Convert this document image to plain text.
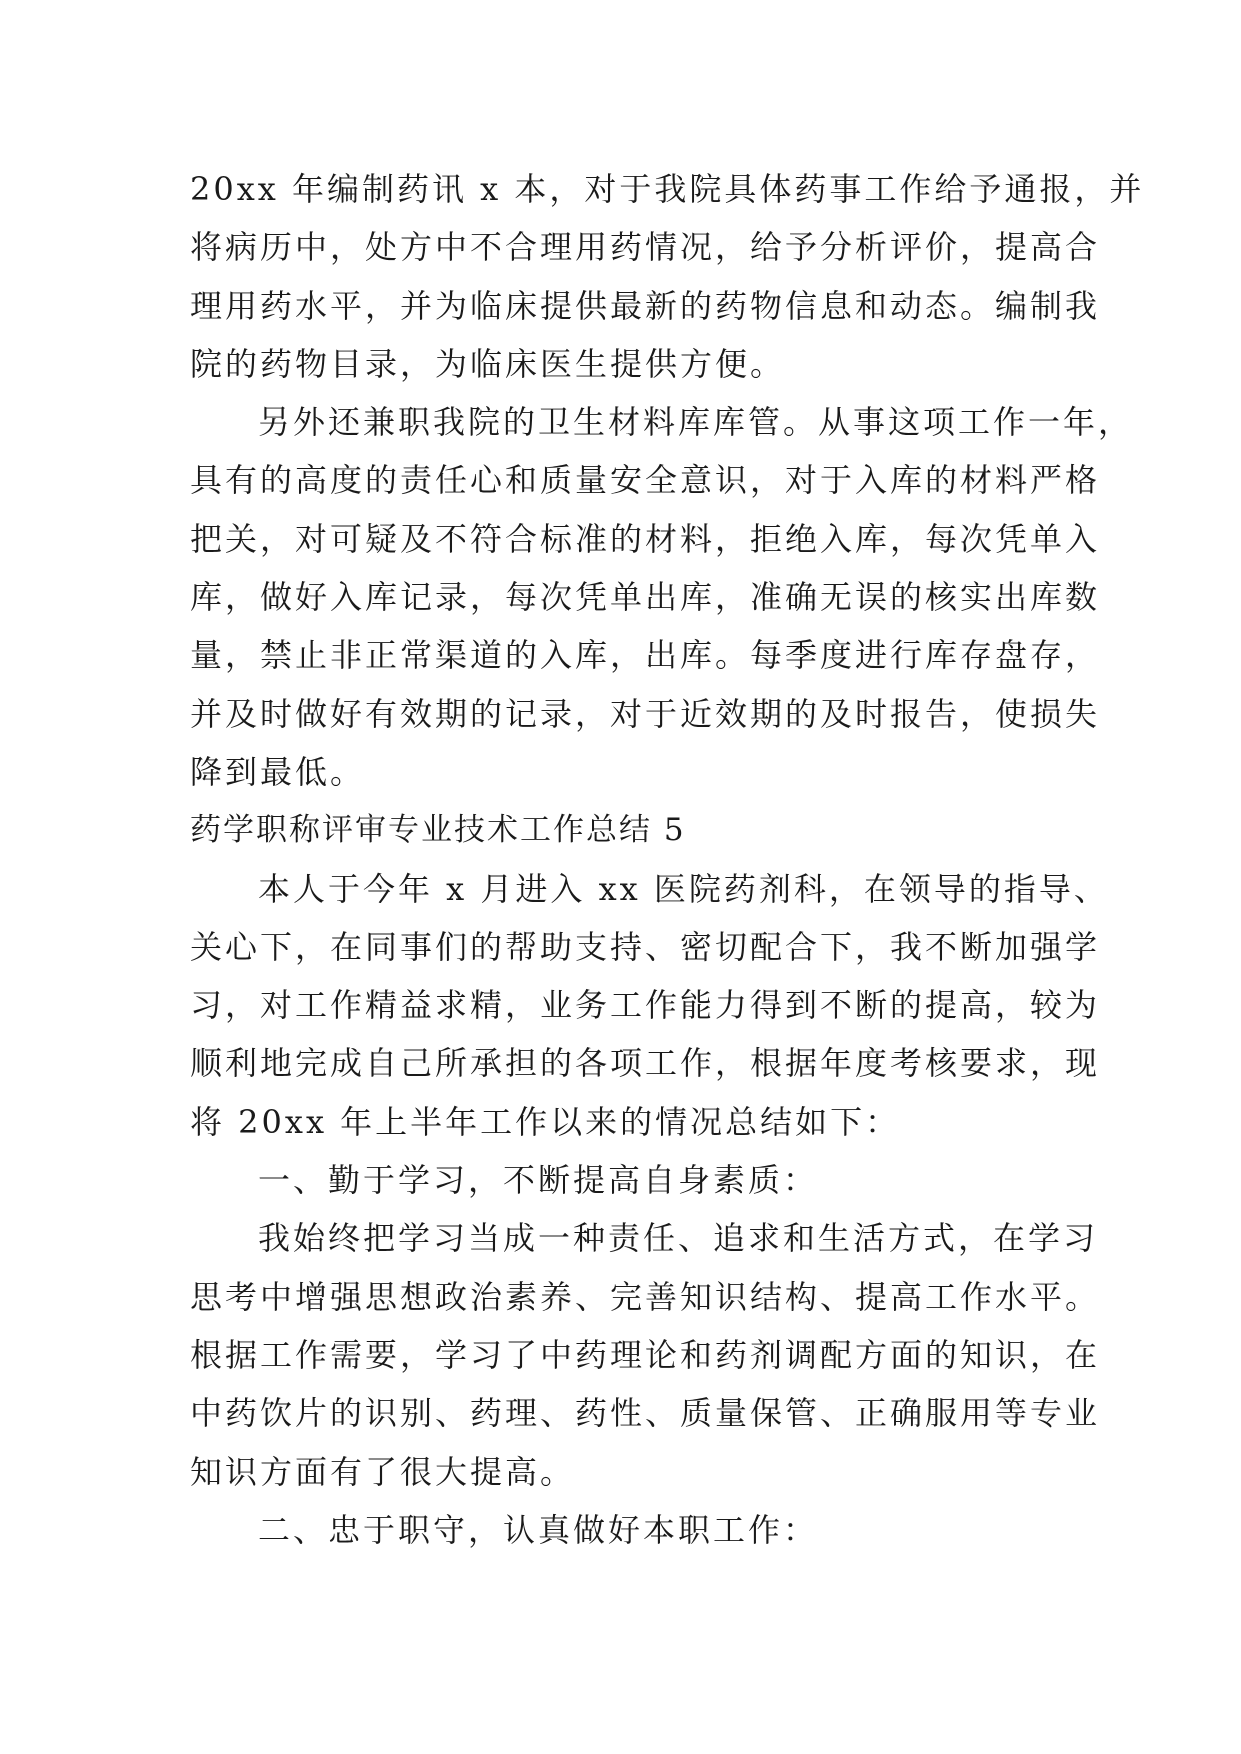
20xx 年编制药讯 x 本，对于我院具体药事工作给予通报，并
将病历中，处方中不合理用药情况，给予分析评价，提高合
理用药水平，并为临床提供最新的药物信息和动态。编制我
院的药物目录，为临床医生提供方便。
另外还兼职我院的卫生材料库库管。从事这项工作一年，
具有的高度的责任心和质量安全意识，对于入库的材料严格
把关，对可疑及不符合标准的材料，拒绝入库，每次凭单入
库，做好入库记录，每次凭单出库，准确无误的核实出库数
量，禁止非正常渠道的入库，出库。每季度进行库存盘存，
并及时做好有效期的记录，对于近效期的及时报告，使损失
降到最低。
药学职称评审专业技术工作总结 5
本人于今年 x 月进入 xx 医院药剂科，在领导的指导、
关心下，在同事们的帮助支持、密切配合下，我不断加强学
习，对工作精益求精，业务工作能力得到不断的提高，较为
顺利地完成自己所承担的各项工作，根据年度考核要求，现
将 20xx 年上半年工作以来的情况总结如下：
一、勤于学习，不断提高自身素质：
我始终把学习当成一种责任、追求和生活方式，在学习
思考中增强思想政治素养、完善知识结构、提高工作水平。
根据工作需要，学习了中药理论和药剂调配方面的知识，在
中药饮片的识别、药理、药性、质量保管、正确服用等专业
知识方面有了很大提高。
二、忠于职守，认真做好本职工作：
